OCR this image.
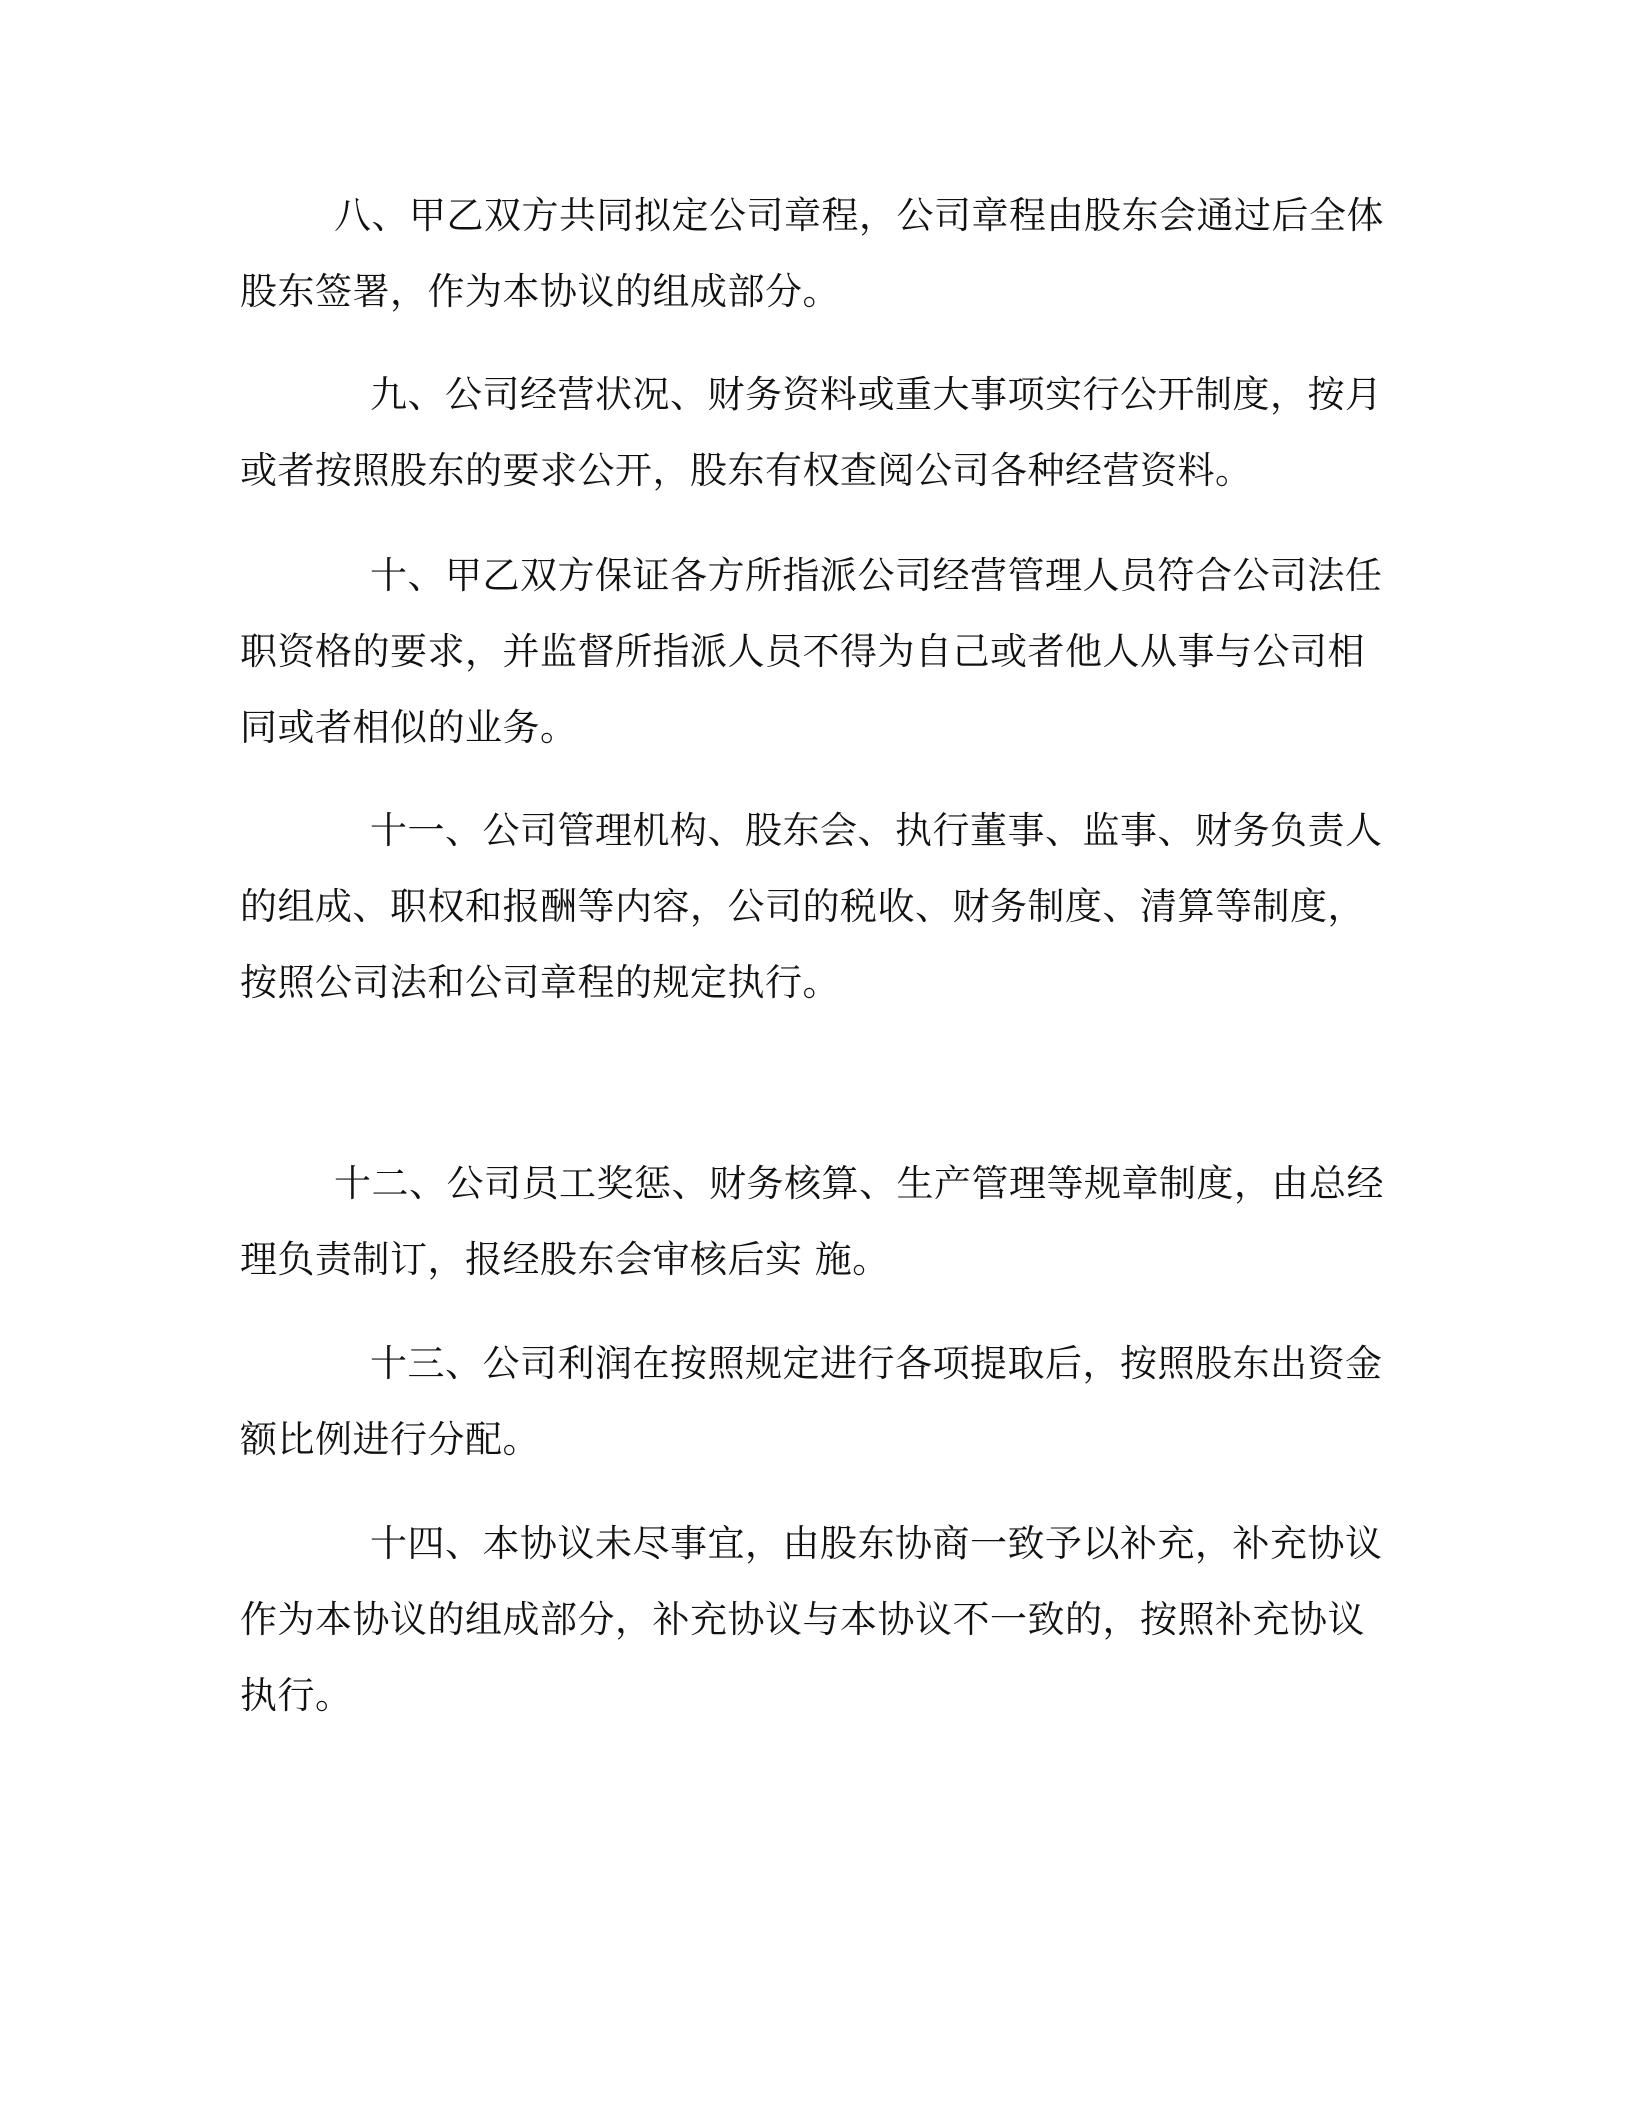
八、甲乙双方共同拟定公司章程，公司章程由股东会通过后全体
股东签署，作为本协议的组成部分。

九、公司经营状况、财务资料或重大事项实行公开制度，按月
或者按照股东的要求公开，股东有权查阅公司各种经营资料。

十、甲乙双方保证各方所指派公司经营管理人员符合公司法任
职资格的要求，并监督所指派人员不得为自己或者他人从事与公司相
同或者相似的业务。

十一、公司管理机构、股东会、执行董事、监事、财务负责人
的组成、职权和报酬等内容，公司的税收、财务制度、清算等制度，
按照公司法和公司章程的规定执行。

十二、公司员工奖惩、财务核算、生产管理等规章制度，由总经
理负责制订，报经股东会审核后实 施。

十三、公司利润在按照规定进行各项提取后，按照股东出资金
额比例进行分配。

十四、本协议未尽事宜，由股东协商一致予以补充，补充协议
作为本协议的组成部分，补充协议与本协议不一致的，按照补充协议
执行。
